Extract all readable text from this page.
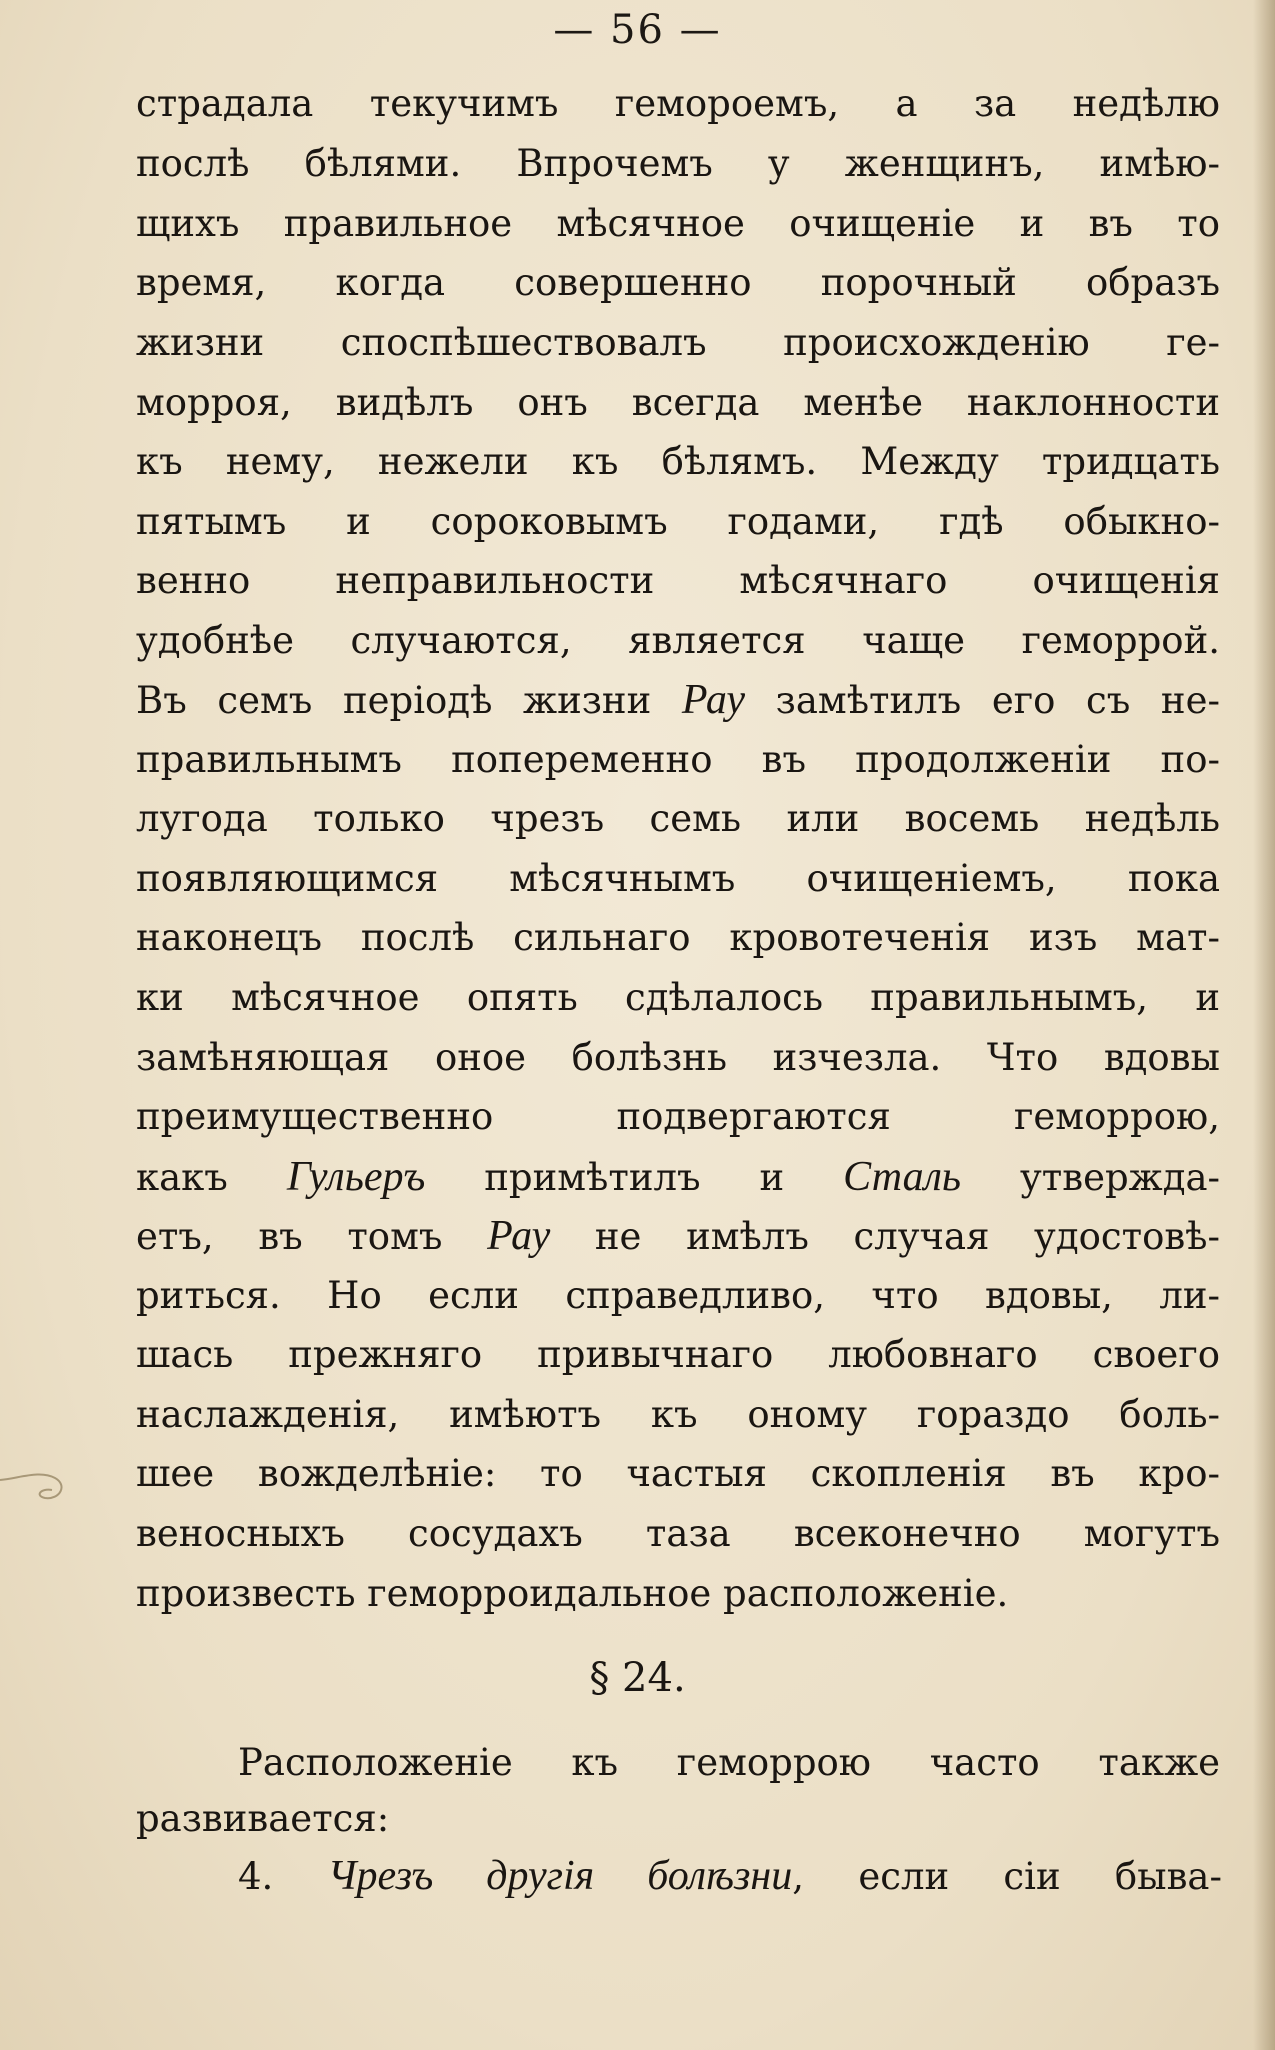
— 56 —
страдала текучимъ гемороемъ, а за недѣлю
послѣ бѣлями. Впрочемъ у женщинъ, имѣю-
щихъ правильное мѣсячное очищеніе и въ то
время, когда совершенно порочный образъ
жизни споспѣшествовалъ происхожденію ге-
морроя, видѣлъ онъ всегда менѣе наклонности
къ нему, нежели къ бѣлямъ. Между тридцать
пятымъ и сороковымъ годами, гдѣ обыкно-
венно неправильности мѣсячнаго очищенія
удобнѣе случаются, является чаще геморрой.
Въ семъ періодѣ жизни Рау замѣтилъ его съ не-
правильнымъ попеременно въ продолженіи по-
лугода только чрезъ семь или восемь недѣль
появляющимся мѣсячнымъ очищеніемъ, пока
наконецъ послѣ сильнаго кровотеченія изъ мат-
ки мѣсячное опять сдѣлалось правильнымъ, и
замѣняющая оное болѣзнь изчезла. Что вдовы
преимущественно подвергаются геморрою,
какъ Гульеръ примѣтилъ и Сталь утвержда-
етъ, въ томъ Рау не имѣлъ случая удостовѣ-
риться. Но если справедливо, что вдовы, ли-
шась прежняго привычнаго любовнаго своего
наслажденія, имѣютъ къ оному гораздо боль-
шее вожделѣніе: то частыя скопленія въ кро-
веносныхъ сосудахъ таза всеконечно могутъ
произвесть геморроидальное расположеніе.
§ 24.
Расположеніе къ геморрою часто также
развивается:
4. Чрезъ другія болѣзни, если сіи быва-
